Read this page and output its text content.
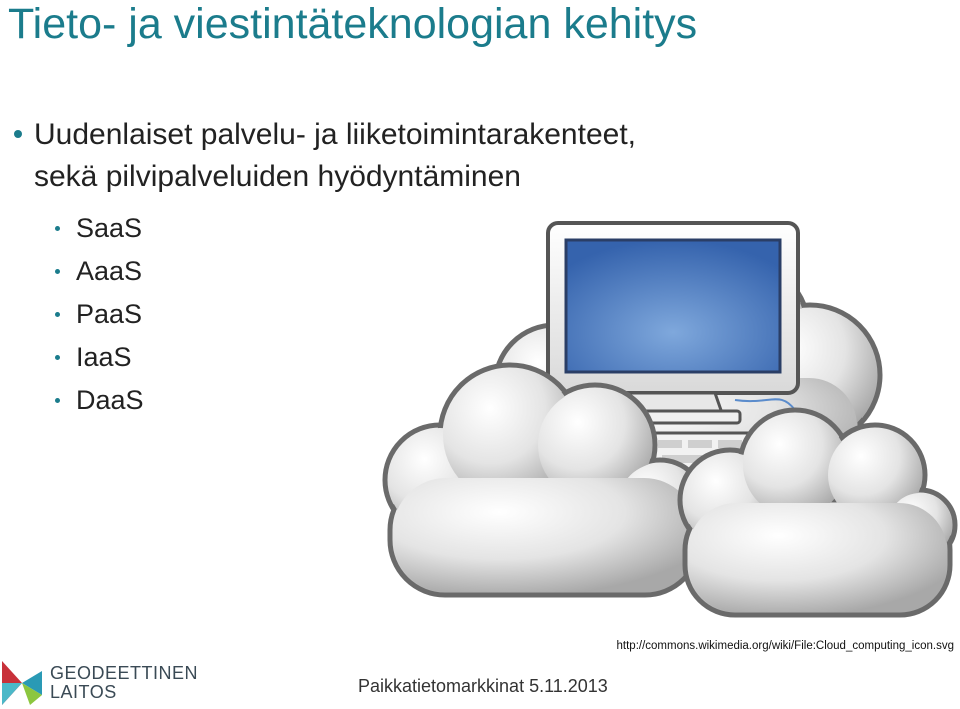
Tieto- ja viestintäteknologian kehitys
Uudenlaiset palvelu- ja liiketoimintarakenteet,
sekä pilvipalveluiden hyödyntäminen
SaaS
AaaS
PaaS
IaaS
DaaS
http://commons.wikimedia.org/wiki/File:Cloud_computing_icon.svg
GEODEETTINEN
LAITOS	Paikkatietomarkkinat 5.11.2013
